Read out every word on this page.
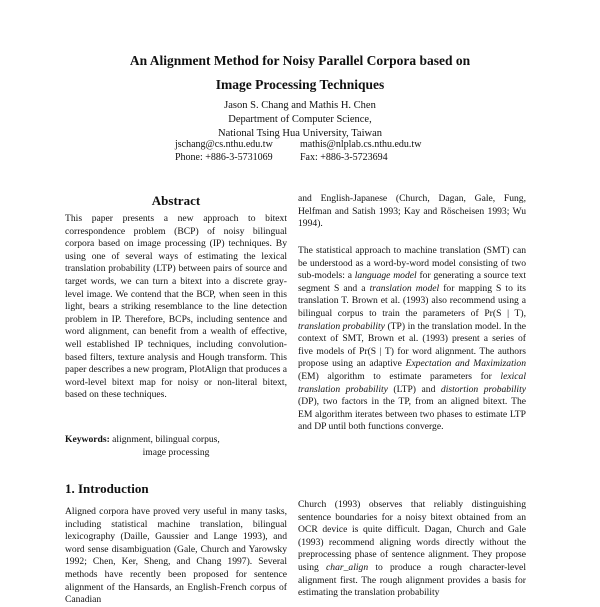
An Alignment Method for Noisy Parallel Corpora based on
Image Processing Techniques
Jason S. Chang and Mathis H. Chen
Department of Computer Science,
National Tsing Hua University, Taiwan
jschang@cs.nthu.edu.tw
Phone: +886-3-5731069
mathis@nlplab.cs.nthu.edu.tw
Fax: +886-3-5723694
Abstract
This paper presents a new approach to bitext correspondence problem (BCP) of noisy bilingual corpora based on image processing (IP) techniques. By using one of several ways of estimating the lexical translation probability (LTP) between pairs of source and target words, we can turn a bitext into a discrete gray-level image. We contend that the BCP, when seen in this light, bears a striking resemblance to the line detection problem in IP. Therefore, BCPs, including sentence and word alignment, can benefit from a wealth of effective, well established IP techniques, including convolution-based filters, texture analysis and Hough transform. This paper describes a new program, PlotAlign that produces a word-level bitext map for noisy or non-literal bitext, based on these techniques.
Keywords: alignment, bilingual corpus,
image processing
1. Introduction
Aligned corpora have proved very useful in many tasks, including statistical machine translation, bilingual lexicography (Daille, Gaussier and Lange 1993), and word sense disambiguation (Gale, Church and Yarowsky 1992; Chen, Ker, Sheng, and Chang 1997). Several methods have recently been proposed for sentence alignment of the Hansards, an English-French corpus of Canadian
and English-Japanese (Church, Dagan, Gale, Fung, Helfman and Satish 1993; Kay and Röscheisen 1993; Wu 1994).
The statistical approach to machine translation (SMT) can be understood as a word-by-word model consisting of two sub-models: a language model for generating a source text segment S and a translation model for mapping S to its translation T. Brown et al. (1993) also recommend using a bilingual corpus to train the parameters of Pr(S | T), translation probability (TP) in the translation model. In the context of SMT, Brown et al. (1993) present a series of five models of Pr(S | T) for word alignment. The authors propose using an adaptive Expectation and Maximization (EM) algorithm to estimate parameters for lexical translation probability (LTP) and distortion probability (DP), two factors in the TP, from an aligned bitext. The EM algorithm iterates between two phases to estimate LTP and DP until both functions converge.
Church (1993) observes that reliably distinguishing sentence boundaries for a noisy bitext obtained from an OCR device is quite difficult. Dagan, Church and Gale (1993) recommend aligning words directly without the preprocessing phase of sentence alignment. They propose using char_align to produce a rough character-level alignment first. The rough alignment provides a basis for estimating the translation probability
